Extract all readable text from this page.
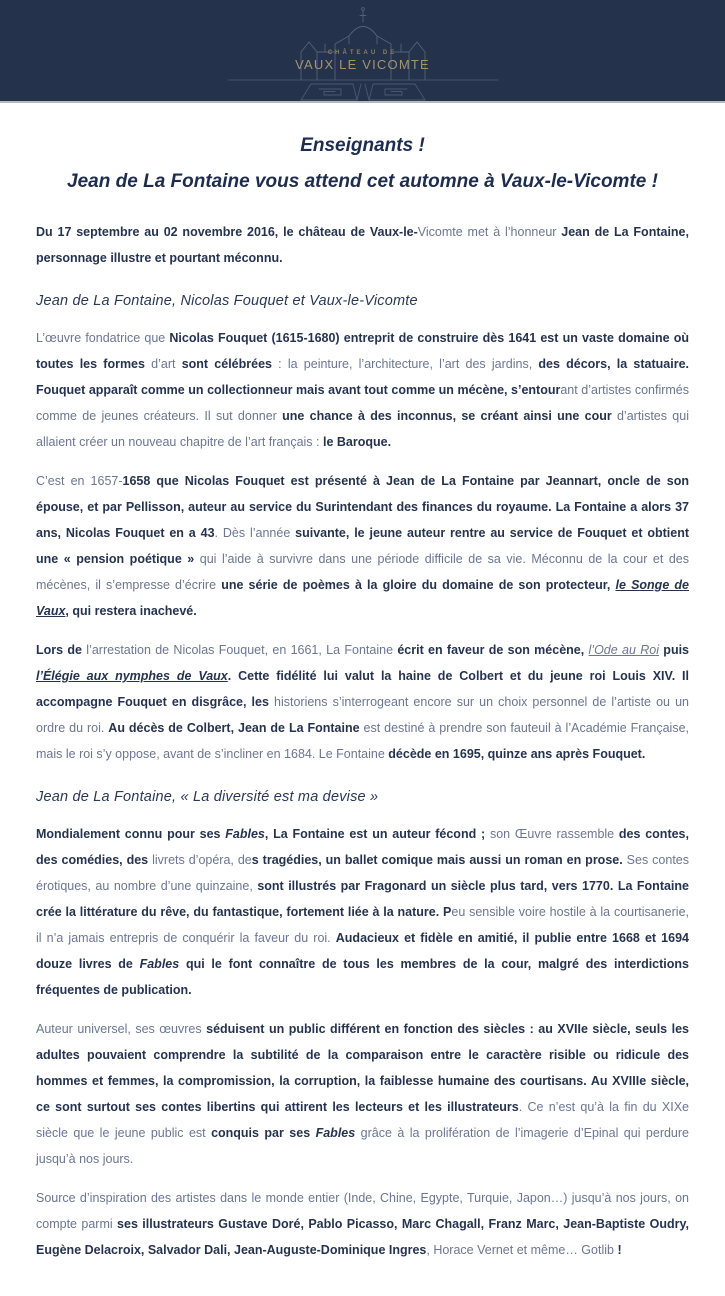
CHÂTEAU DE
VAUX LE VICOMTE

Enseignants !

Jean de La Fontaine vous attend cet automne à Vaux-le-Vicomte !

Du 17 septembre au 02 novembre 2016, le château de Vaux-le-Vicomte met à l’honneur Jean de La Fontaine, personnage illustre et pourtant méconnu.

Jean de La Fontaine, Nicolas Fouquet et Vaux-le-Vicomte

L’œuvre fondatrice que Nicolas Fouquet (1615-1680) entreprit de construire dès 1641 est un vaste domaine où toutes les formes d’art sont célébrées : la peinture, l’architecture, l’art des jardins, des décors, la statuaire. Fouquet apparaît comme un collectionneur mais avant tout comme un mécène, s’entourant d’artistes confirmés comme de jeunes créateurs. Il sut donner une chance à des inconnus, se créant ainsi une cour d’artistes qui allaient créer un nouveau chapitre de l’art français : le Baroque.

C’est en 1657-1658 que Nicolas Fouquet est présenté à Jean de La Fontaine par Jeannart, oncle de son épouse, et par Pellisson, auteur au service du Surintendant des finances du royaume. La Fontaine a alors 37 ans, Nicolas Fouquet en a 43. Dès l’année suivante, le jeune auteur rentre au service de Fouquet et obtient une « pension poétique » qui l’aide à survivre dans une période difficile de sa vie. Méconnu de la cour et des mécènes, il s’empresse d’écrire une série de poèmes à la gloire du domaine de son protecteur, le Songe de Vaux, qui restera inachevé.

Lors de l’arrestation de Nicolas Fouquet, en 1661, La Fontaine écrit en faveur de son mécène, l’Ode au Roi puis l’Élégie aux nymphes de Vaux. Cette fidélité lui valut la haine de Colbert et du jeune roi Louis XIV. Il accompagne Fouquet en disgrâce, les historiens s’interrogeant encore sur un choix personnel de l’artiste ou un ordre du roi. Au décès de Colbert, Jean de La Fontaine est destiné à prendre son fauteuil à l’Académie Française, mais le roi s’y oppose, avant de s’incliner en 1684. Le Fontaine décède en 1695, quinze ans après Fouquet.

Jean de La Fontaine, « La diversité est ma devise »

Mondialement connu pour ses Fables, La Fontaine est un auteur fécond ; son Œuvre rassemble des contes, des comédies, des livrets d’opéra, des tragédies, un ballet comique mais aussi un roman en prose. Ses contes érotiques, au nombre d’une quinzaine, sont illustrés par Fragonard un siècle plus tard, vers 1770. La Fontaine crée la littérature du rêve, du fantastique, fortement liée à la nature. Peu sensible voire hostile à la courtisanerie, il n’a jamais entrepris de conquérir la faveur du roi. Audacieux et fidèle en amitié, il publie entre 1668 et 1694 douze livres de Fables qui le font connaître de tous les membres de la cour, malgré des interdictions fréquentes de publication.

Auteur universel, ses œuvres séduisent un public différent en fonction des siècles : au XVIIe siècle, seuls les adultes pouvaient comprendre la subtilité de la comparaison entre le caractère risible ou ridicule des hommes et femmes, la compromission, la corruption, la faiblesse humaine des courtisans. Au XVIIIe siècle, ce sont surtout ses contes libertins qui attirent les lecteurs et les illustrateurs. Ce n’est qu’à la fin du XIXe siècle que le jeune public est conquis par ses Fables grâce à la prolifération de l’imagerie d’Epinal qui perdure jusqu’à nos jours.

Source d’inspiration des artistes dans le monde entier (Inde, Chine, Egypte, Turquie, Japon…) jusqu’à nos jours, on compte parmi ses illustrateurs Gustave Doré, Pablo Picasso, Marc Chagall, Franz Marc, Jean-Baptiste Oudry, Eugène Delacroix, Salvador Dali, Jean-Auguste-Dominique Ingres, Horace Vernet et même… Gotlib !
